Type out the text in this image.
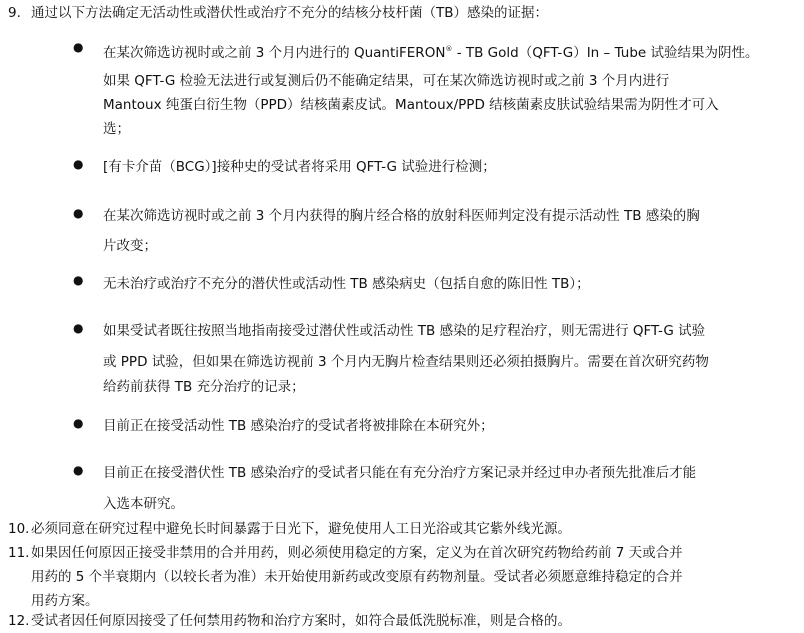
9. 通过以下方法确定无活动性或潜伏性或治疗不充分的结核分枝杆菌（TB）感染的证据：
● 在某次筛选访视时或之前 3 个月内进行的 QuantiFERON® - TB Gold（QFT-G）In – Tube 试验结果为阴性。
如果 QFT-G 检验无法进行或复测后仍不能确定结果，可在某次筛选访视时或之前 3 个月内进行
Mantoux 纯蛋白衍生物（PPD）结核菌素皮试。Mantoux/PPD 结核菌素皮肤试验结果需为阴性才可入
选；
● [有卡介苗（BCG）]接种史的受试者将采用 QFT-G 试验进行检测；
● 在某次筛选访视时或之前 3 个月内获得的胸片经合格的放射科医师判定没有提示活动性 TB 感染的胸
片改变；
● 无未治疗或治疗不充分的潜伏性或活动性 TB 感染病史（包括自愈的陈旧性 TB）；
● 如果受试者既往按照当地指南接受过潜伏性或活动性 TB 感染的足疗程治疗，则无需进行 QFT-G 试验
或 PPD 试验，但如果在筛选访视前 3 个月内无胸片检查结果则还必须拍摄胸片。需要在首次研究药物
给药前获得 TB 充分治疗的记录；
● 目前正在接受活动性 TB 感染治疗的受试者将被排除在本研究外；
● 目前正在接受潜伏性 TB 感染治疗的受试者只能在有充分治疗方案记录并经过申办者预先批准后才能
入选本研究。
10. 必须同意在研究过程中避免长时间暴露于日光下，避免使用人工日光浴或其它紫外线光源。
11. 如果因任何原因正接受非禁用的合并用药，则必须使用稳定的方案，定义为在首次研究药物给药前 7 天或合并
用药的 5 个半衰期内（以较长者为准）未开始使用新药或改变原有药物剂量。受试者必须愿意维持稳定的合并
用药方案。
12. 受试者因任何原因接受了任何禁用药物和治疗方案时，如符合最低洗脱标准，则是合格的。
